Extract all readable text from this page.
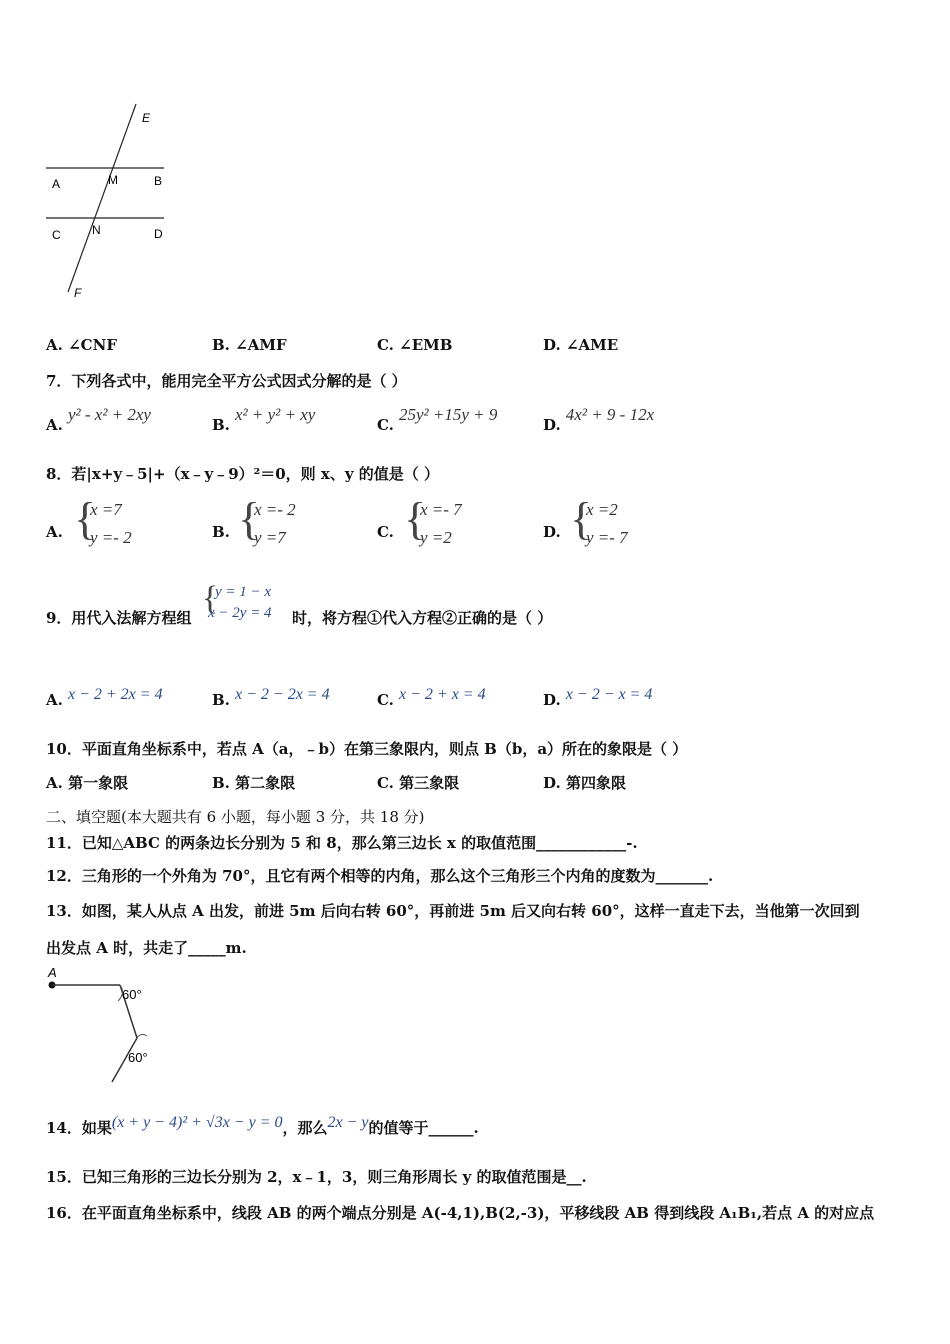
E
A	M	B
C	N	D
F
A. ∠CNF	B. ∠AMF	C. ∠EMB	D. ∠AME
7．下列各式中，能用完全平方公式因式分解的是（ ）
A. y² - x² + 2xy
B. x² + y² + xy
C. 25y² +15y + 9
D. 4x² + 9 - 12x
8．若|x+y﹣5|+（x﹣y﹣9）²＝0，则 x、y 的值是（ ）
A. {
x =7
y =- 2	B. {
x =- 2
y =7	C. {
x =- 7
y =2	D. {
x =2
y =- 7
9．用代入法解方程组
{
y = 1 − x
x − 2y = 4 时，将方程①代入方程②正确的是（ ）
A. x − 2 + 2x = 4	B. x − 2 − 2x = 4	C. x − 2 + x = 4	D. x − 2 − x = 4
10．平面直角坐标系中，若点 A（a，﹣b）在第三象限内，则点 B（b，a）所在的象限是（ ）
A. 第一象限	B. 第二象限	C. 第三象限	D. 第四象限
二、填空题(本大题共有 6 小题，每小题 3 分，共 18 分)
11．已知△ABC 的两条边长分别为 5 和 8，那么第三边长 x 的取值范围____________-.
12．三角形的一个外角为 70°，且它有两个相等的内角，那么这个三角形三个内角的度数为_______.
13．如图，某人从点 A 出发，前进 5m 后向右转 60°，再前进 5m 后又向右转 60°，这样一直走下去，当他第一次回到
出发点 A 时，共走了_____m.
A
60°
60°
14．如果(x + y − 4)² + √3x − y = 0，那么2x − y的值等于______.
15．已知三角形的三边长分别为 2，x﹣1，3，则三角形周长 y 的取值范围是__.
16．在平面直角坐标系中，线段 AB 的两个端点分别是 A(-4,1),B(2,-3)，平移线段 AB 得到线段 A₁B₁,若点 A 的对应点
